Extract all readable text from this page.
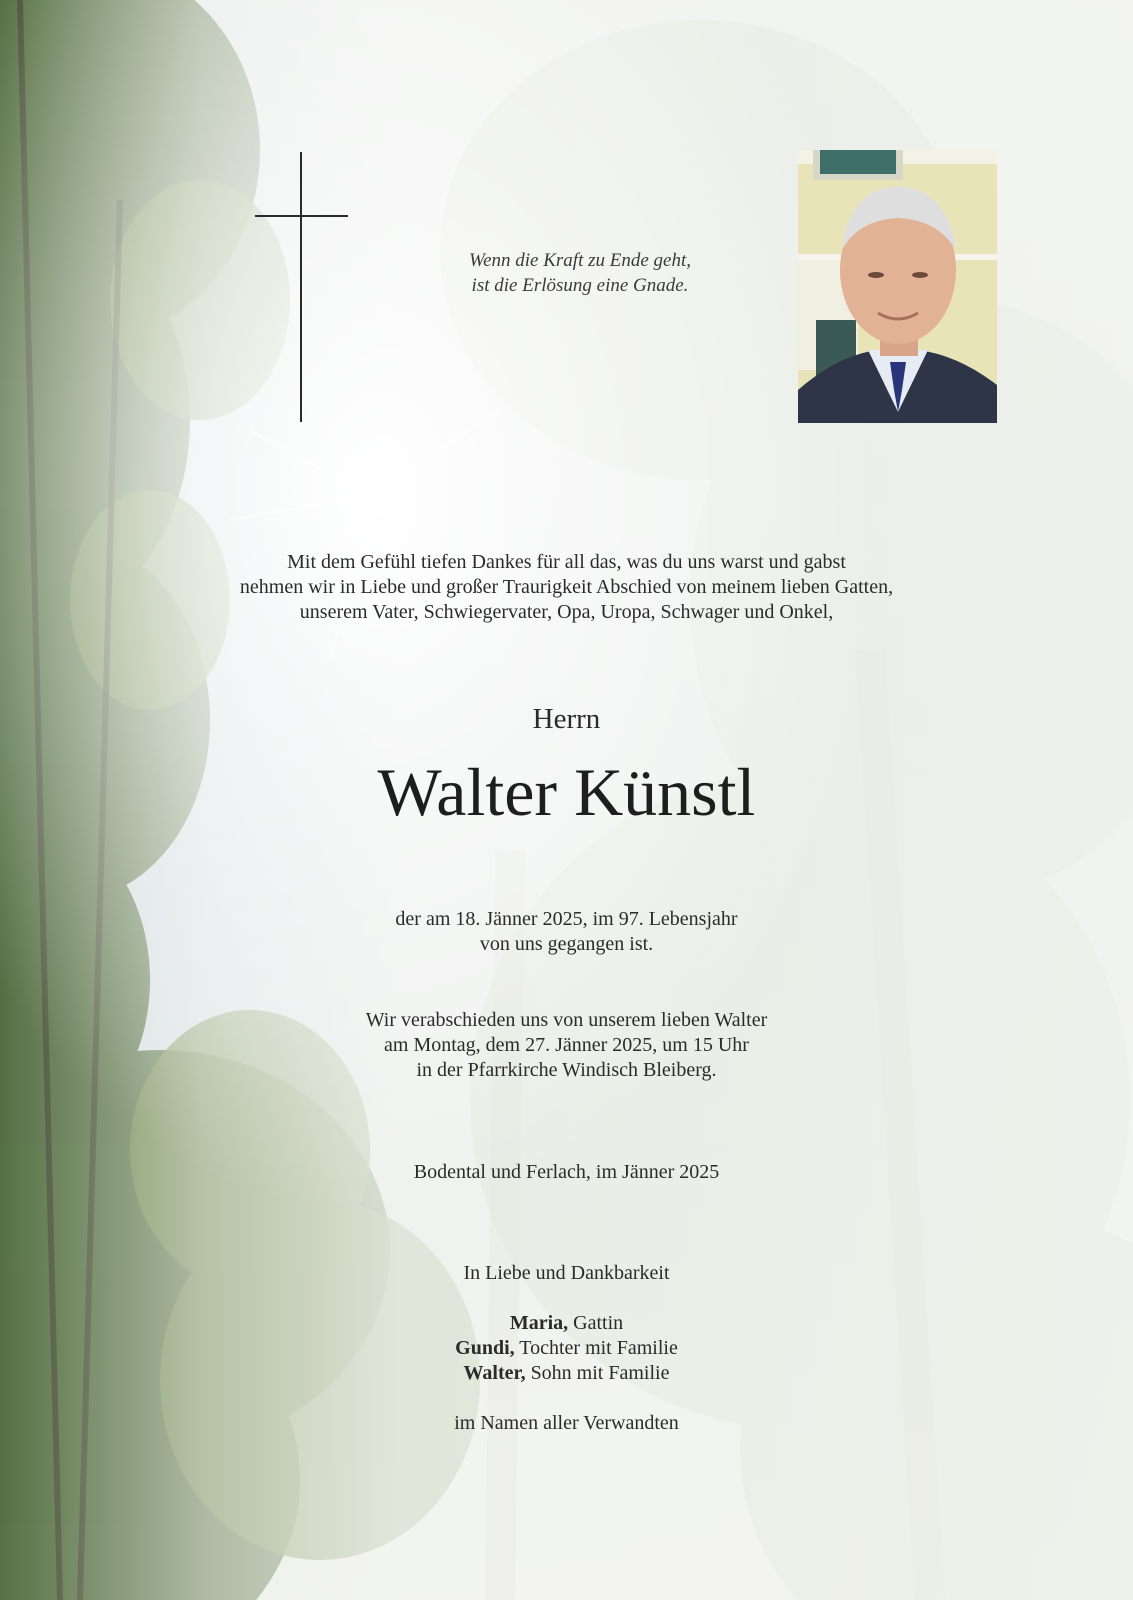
Wenn die Kraft zu Ende geht,
ist die Erlösung eine Gnade.
Mit dem Gefühl tiefen Dankes für all das, was du uns warst und gabst
nehmen wir in Liebe und großer Traurigkeit Abschied von meinem lieben Gatten,
unserem Vater, Schwiegervater, Opa, Uropa, Schwager und Onkel,
Herrn
Walter Künstl
der am 18. Jänner 2025, im 97. Lebensjahr
von uns gegangen ist.
Wir verabschieden uns von unserem lieben Walter
am Montag, dem 27. Jänner 2025, um 15 Uhr
in der Pfarrkirche Windisch Bleiberg.
Bodental und Ferlach, im Jänner 2025
In Liebe und Dankbarkeit
Maria, Gattin
Gundi, Tochter mit Familie
Walter, Sohn mit Familie
im Namen aller Verwandten
